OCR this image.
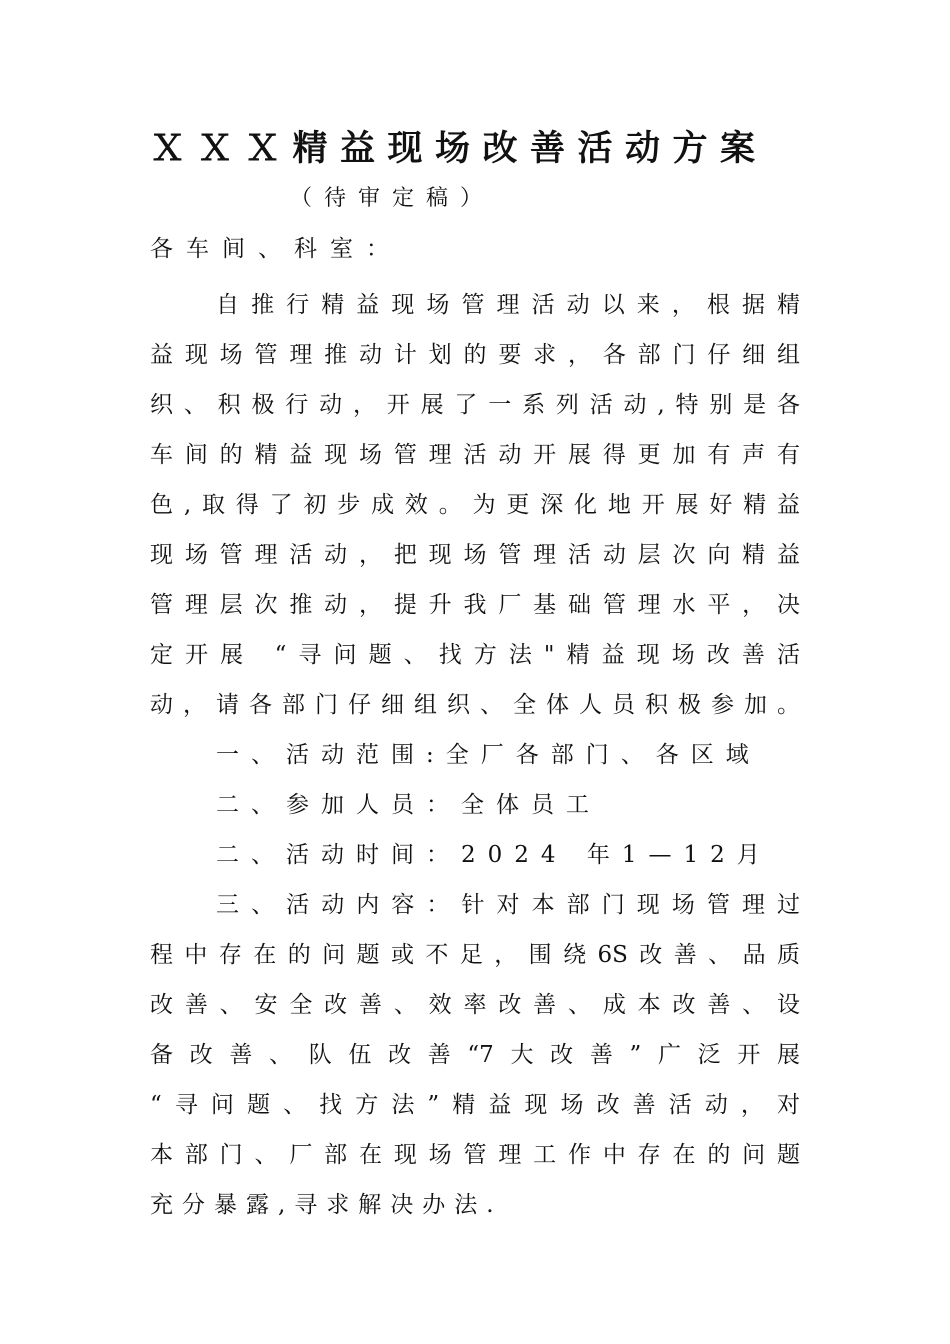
ＸＸＸ精益现场改善活动方案
（待审定稿）
各车间、科室：
自推行精益现场管理活动以来，根据精
益现场管理推动计划的要求，各部门仔细组
织、积极行动，开展了一系列活动,特别是各
车间的精益现场管理活动开展得更加有声有
色,取得了初步成效。为更深化地开展好精益
现场管理活动，把现场管理活动层次向精益
管理层次推动，提升我厂基础管理水平，决
定开展 “寻问题、找方法"精益现场改善活
动，请各部门仔细组织、全体人员积极参加。
一、活动范围:全厂各部门、各区域
二、参加人员：全体员工
二、活动时间：2024 年1—12月
三、活动内容：针对本部门现场管理过
程中存在的问题或不足，围绕6S改善、品质
改善、安全改善、效率改善、成本改善、设
备改善、队伍改善“7大改善”广泛开展
“寻问题、找方法”精益现场改善活动，对
本部门、厂部在现场管理工作中存在的问题
充分暴露,寻求解决办法.
